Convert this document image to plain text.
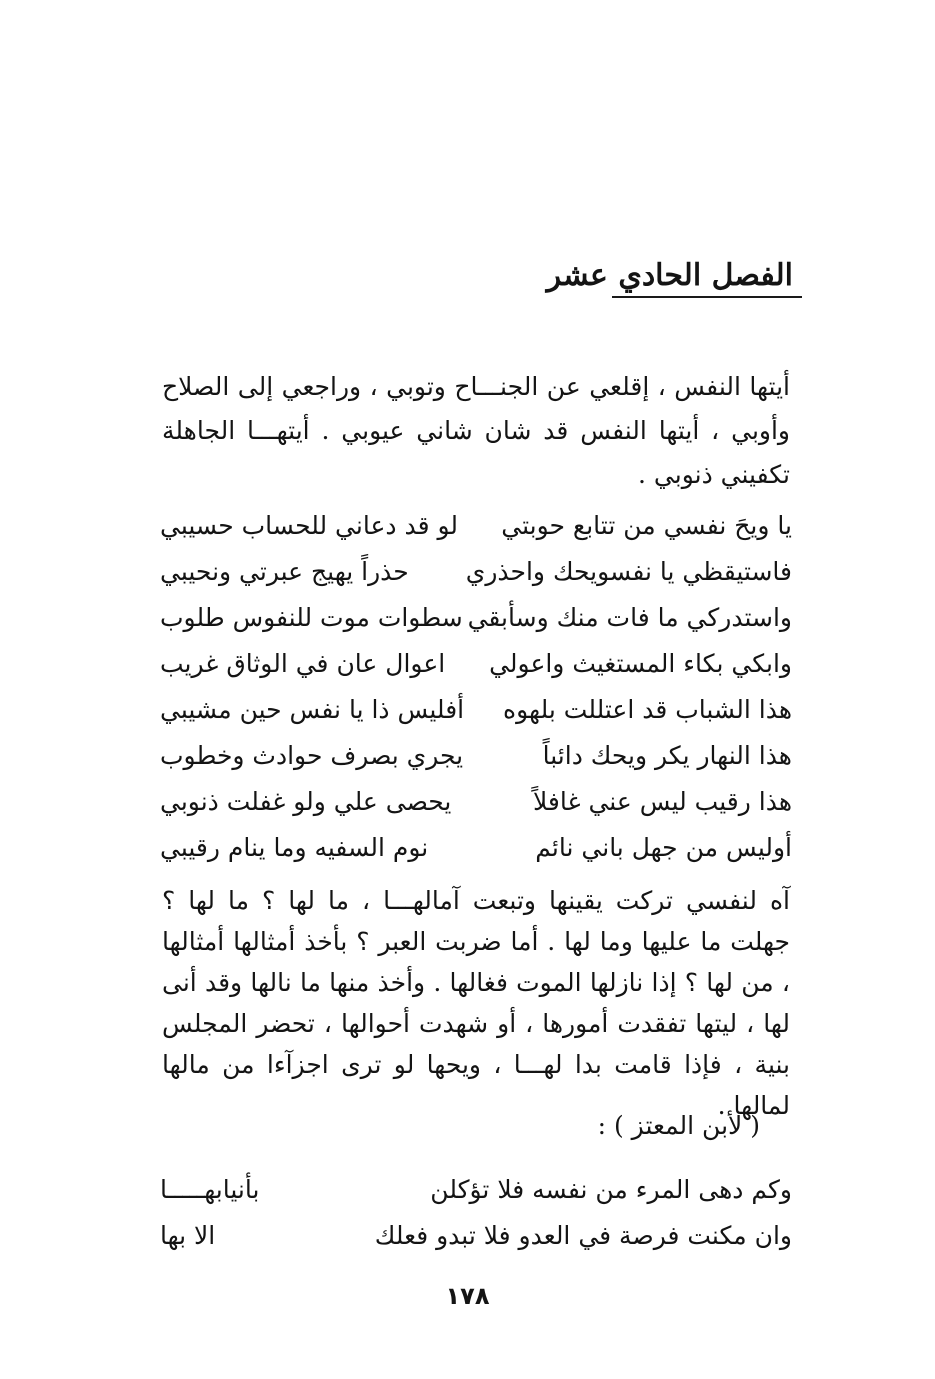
الفصل الحادي عشر

أيتها النفس ، إقلعي عن الجنـــاح وتوبي ، وراجعي إلى الصلاح وأوبي ، أيتها النفس قد شان شاني عيوبي . أيتهـــا الجاهلة تكفيني ذنوبي .

يا ويحَ نفسي من تتابع حوبتي
لو قد دعاني للحساب حسيبي
فاستيقظي يا نفسويحك واحذري
حذراً يهيج عبرتي ونحيبي
واستدركي ما فات منك وسأبقي
سطوات موت للنفوس طلوب
وابكي بكاء المستغيث واعولي
اعوال عان في الوثاق غريب
هذا الشباب قد اعتللت بلهوه
أفليس ذا يا نفس حين مشيبي
هذا النهار يكر ويحك دائباً
يجري بصرف حوادث وخطوب
هذا رقيب ليس عني غافلاً
يحصى علي ولو غفلت ذنوبي
أوليس من جهل باني نائم
نوم السفيه وما ينام رقيبي

آه لنفسي تركت يقينها وتبعت آمالهـــا ، ما لها ؟ ما لها ؟ جهلت ما عليها وما لها . أما ضربت العبر ؟ بأخذ أمثالها أمثالها ، من لها ؟ إذا نازلها الموت فغالها . وأخذ منها ما نالها وقد أنى لها ، ليتها تفقدت أمورها ، أو شهدت أحوالها ، تحضر المجلس بنية ، فإذا قامت بدا لهـــا ، ويحها لو ترى اجزآءا من مالها لمالها .

( لأبن المعتز ) :
وكم دهى المرء من نفسه فلا تؤكلن
بأنيابهـــــا
وان مكنت فرصة في العدو فلا تبدو فعلك
الا بها
١٧٨
